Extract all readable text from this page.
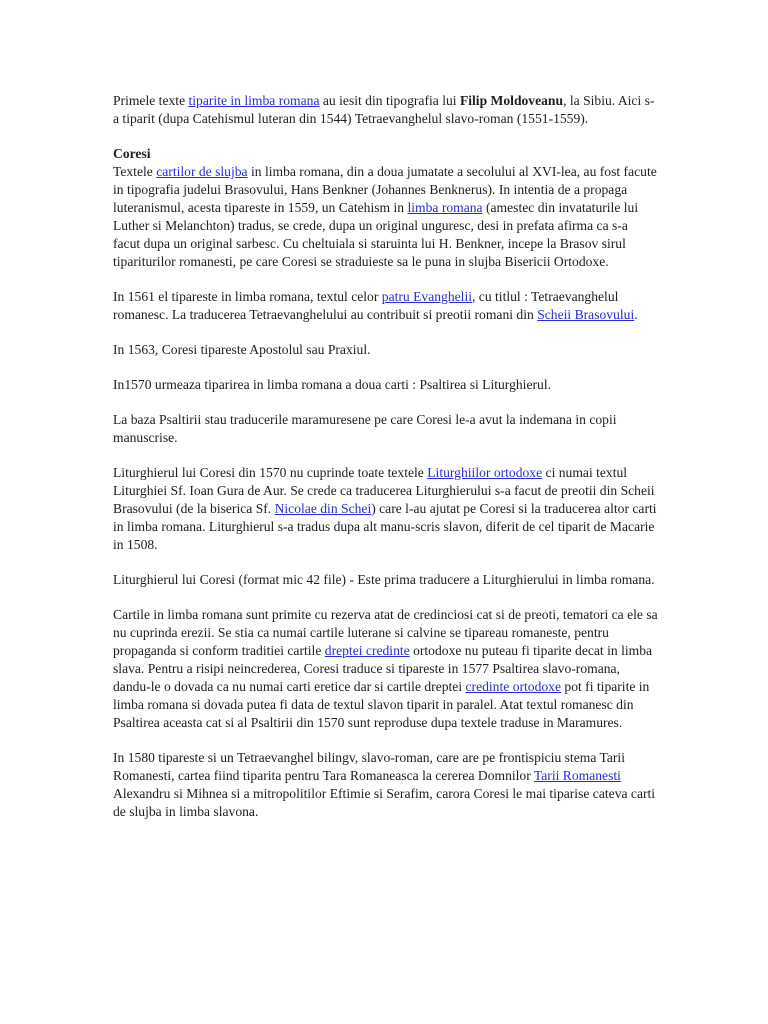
Primele texte tiparite in limba romana au iesit din tipografia lui Filip Moldoveanu, la Sibiu. Aici s-a tiparit (dupa Catehismul luteran din 1544) Tetraevanghelul slavo-roman (1551-1559).

Coresi
Textele cartilor de slujba in limba romana, din a doua jumatate a secolului al XVI-lea, au fost facute in tipografia judelui Brasovului, Hans Benkner (Johannes Benknerus). In intentia de a propaga luteranismul, acesta tipareste in 1559, un Catehism in limba romana (amestec din invataturile lui Luther si Melanchton) tradus, se crede, dupa un original unguresc, desi in prefata afirma ca s-a facut dupa un original sarbesc. Cu cheltuiala si staruinta lui H. Benkner, incepe la Brasov sirul tipariturilor romanesti, pe care Coresi se straduieste sa le puna in slujba Bisericii Ortodoxe.

In 1561 el tipareste in limba romana, textul celor patru Evanghelii, cu titlul : Tetraevanghelul romanesc. La traducerea Tetraevanghelului au contribuit si preotii romani din Scheii Brasovului.

In 1563, Coresi tipareste Apostolul sau Praxiul.

In1570 urmeaza tiparirea in limba romana a doua carti : Psaltirea si Liturghierul.

La baza Psaltirii stau traducerile maramuresene pe care Coresi le-a avut la indemana in copii manuscrise.

Liturghierul lui Coresi din 1570 nu cuprinde toate textele Liturghiilor ortodoxe ci numai textul Liturghiei Sf. Ioan Gura de Aur. Se crede ca traducerea Liturghierului s-a facut de preotii din Scheii Brasovului (de la biserica Sf. Nicolae din Schei) care l-au ajutat pe Coresi si la traducerea altor carti in limba romana. Liturghierul s-a tradus dupa alt manu-scris slavon, diferit de cel tiparit de Macarie in 1508.

Liturghierul lui Coresi (format mic 42 file) - Este prima traducere a Liturghierului in limba romana.

Cartile in limba romana sunt primite cu rezerva atat de credinciosi cat si de preoti, tematori ca ele sa nu cuprinda erezii. Se stia ca numai cartile luterane si calvine se tipareau romaneste, pentru propaganda si conform traditiei cartile dreptei credinte ortodoxe nu puteau fi tiparite decat in limba slava. Pentru a risipi neincrederea, Coresi traduce si tipareste in 1577 Psaltirea slavo-romana, dandu-le o dovada ca nu numai carti eretice dar si cartile dreptei credinte ortodoxe pot fi tiparite in limba romana si dovada putea fi data de textul slavon tiparit in paralel. Atat textul romanesc din Psaltirea aceasta cat si al Psaltirii din 1570 sunt reproduse dupa textele traduse in Maramures.

In 1580 tipareste si un Tetraevanghel bilingv, slavo-roman, care are pe frontispiciu stema Tarii Romanesti, cartea fiind tiparita pentru Tara Romaneasca la cererea Domnilor Tarii Romanesti Alexandru si Mihnea si a mitropolitilor Eftimie si Serafim, carora Coresi le mai tiparise cateva carti de slujba in limba slavona.
